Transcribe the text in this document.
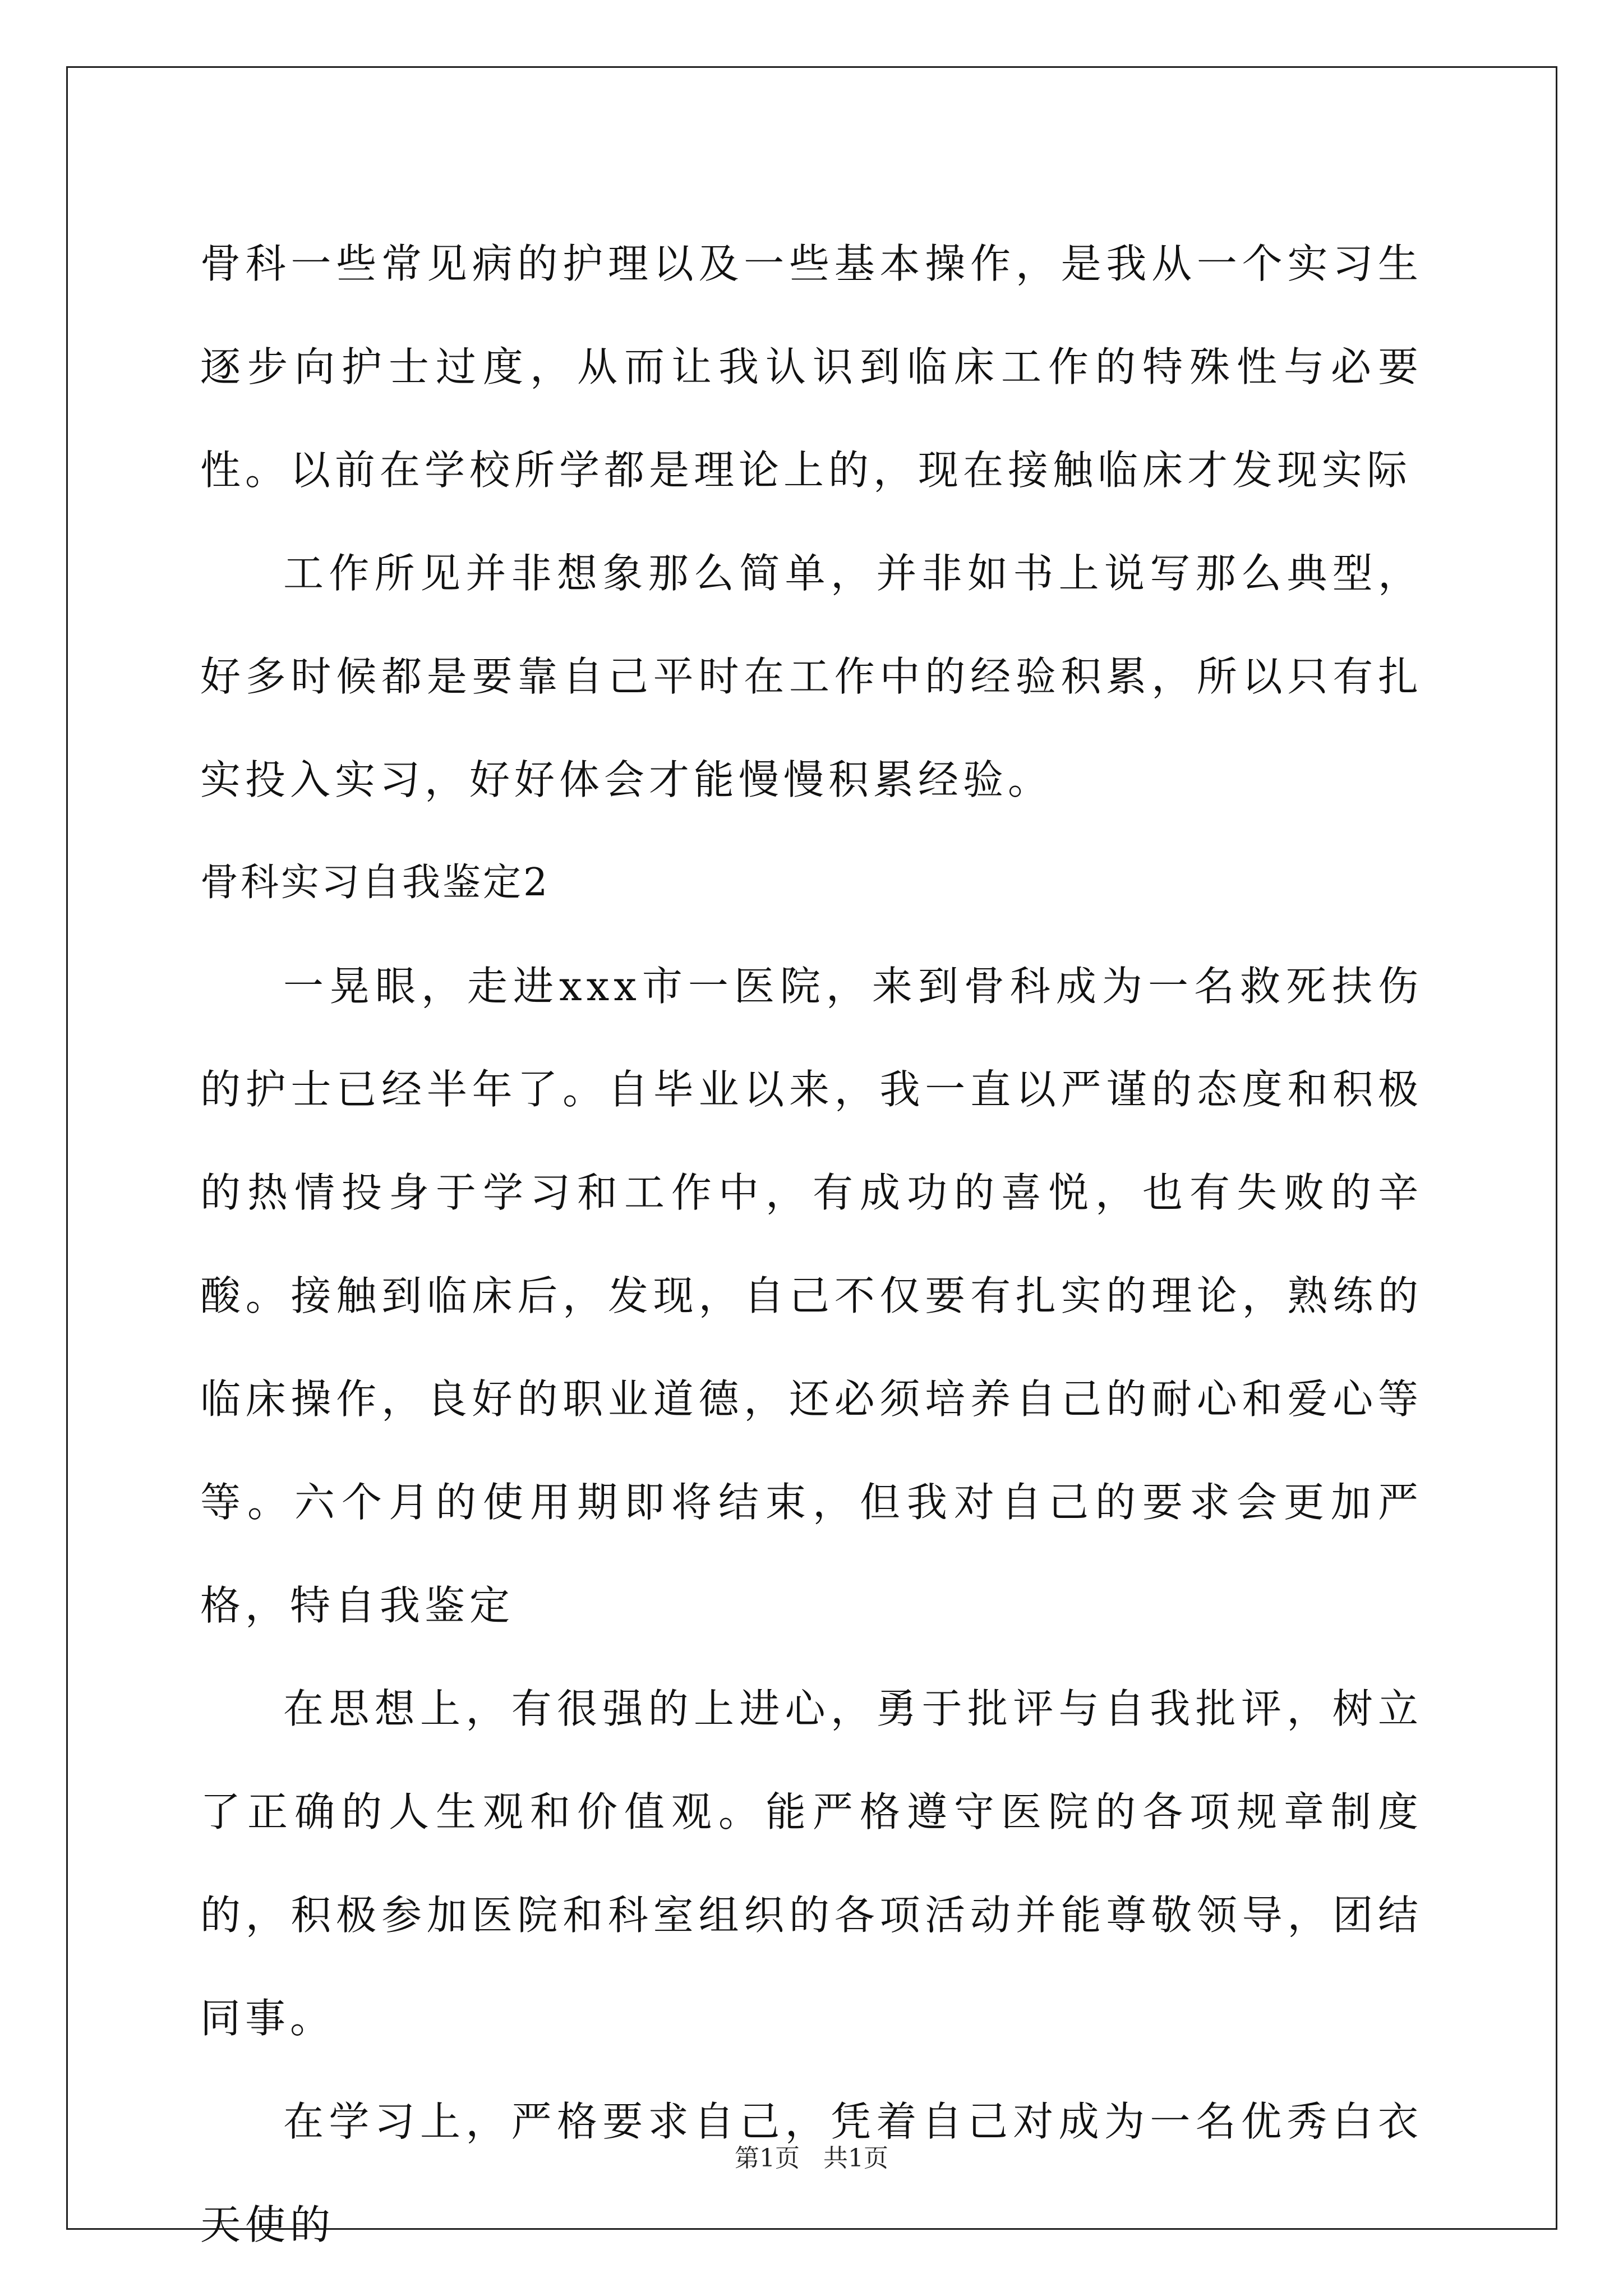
骨科一些常见病的护理以及一些基本操作，是我从一个实习生逐步向护士过度，从而让我认识到临床工作的特殊性与必要性。以前在学校所学都是理论上的，现在接触临床才发现实际

工作所见并非想象那么简单，并非如书上说写那么典型，好多时候都是要靠自己平时在工作中的经验积累，所以只有扎实投入实习，好好体会才能慢慢积累经验。

骨科实习自我鉴定2

一晃眼，走进xxx市一医院，来到骨科成为一名救死扶伤的护士已经半年了。自毕业以来，我一直以严谨的态度和积极的热情投身于学习和工作中，有成功的喜悦，也有失败的辛酸。接触到临床后，发现，自己不仅要有扎实的理论，熟练的临床操作，良好的职业道德，还必须培养自己的耐心和爱心等等。六个月的使用期即将结束，但我对自己的要求会更加严格，特自我鉴定

在思想上，有很强的上进心，勇于批评与自我批评，树立了正确的人生观和价值观。能严格遵守医院的各项规章制度的，积极参加医院和科室组织的各项活动并能尊敬领导，团结同事。

在学习上，严格要求自己，凭着自己对成为一名优秀白衣天使的

第1页 共1页
